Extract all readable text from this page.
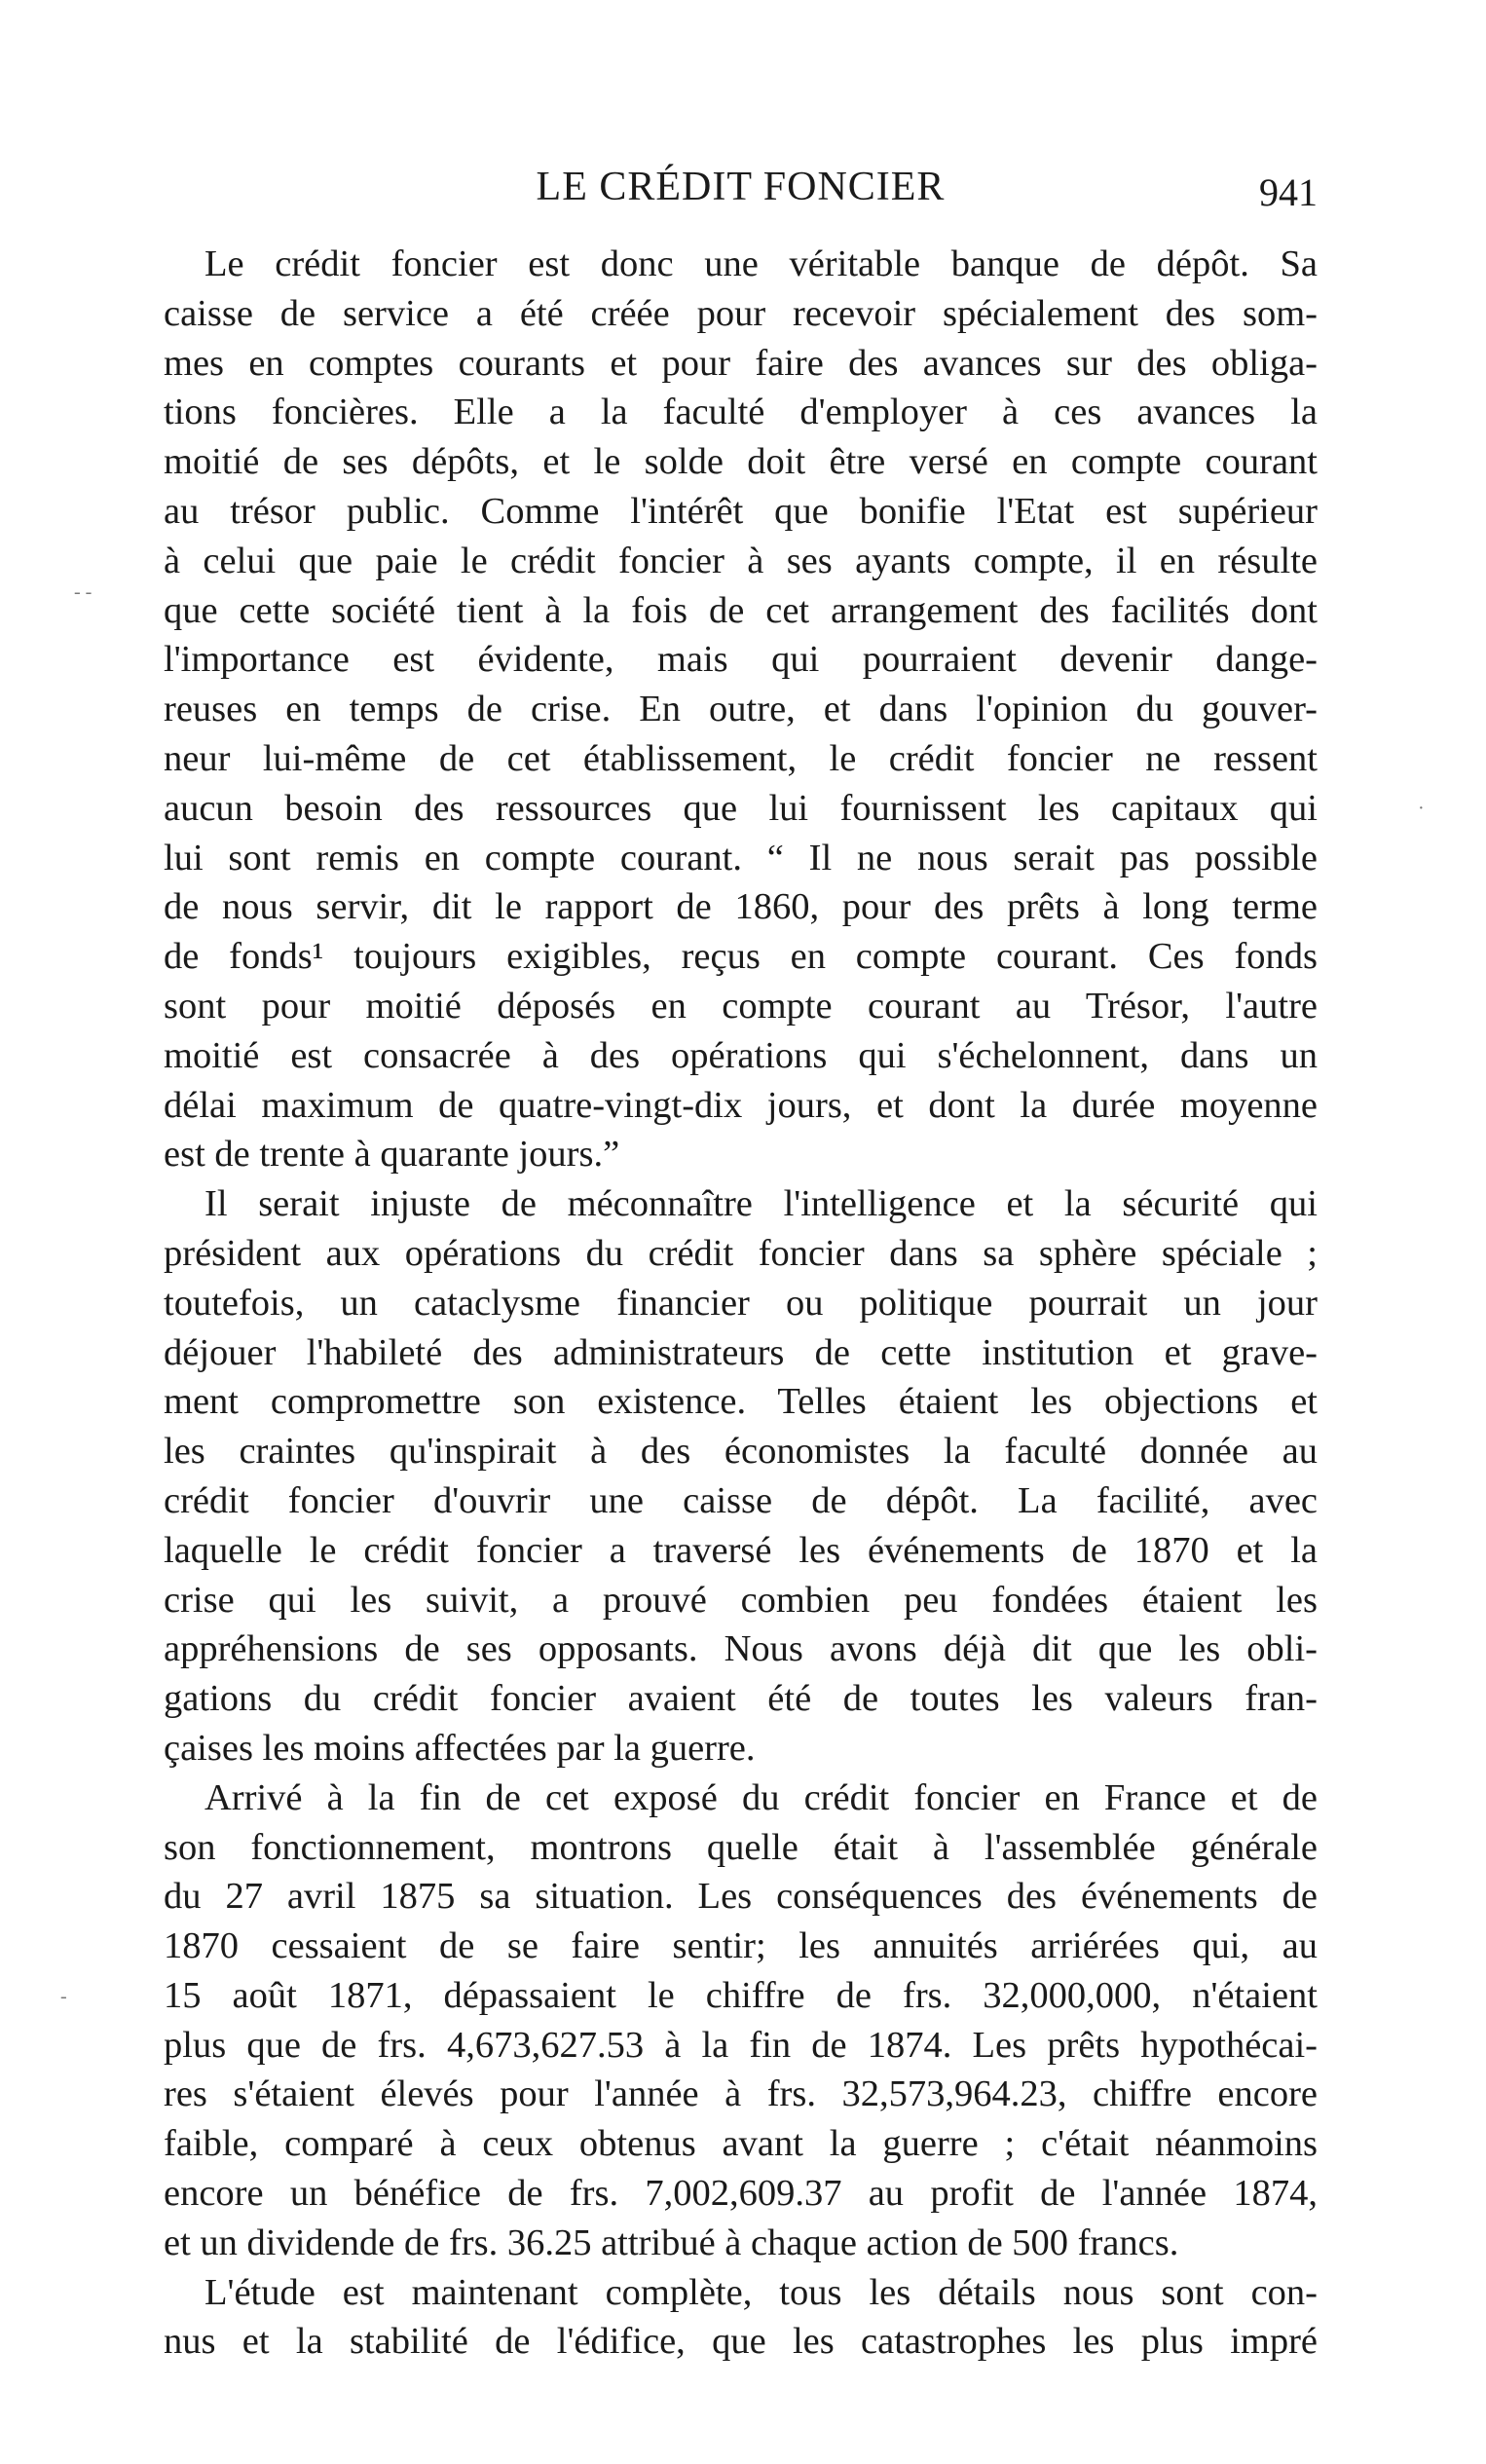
LE CRÉDIT FONCIER	941
‐ ‐
·
‐
Le crédit foncier est donc une véritable banque de dépôt. Sa
caisse de service a été créée pour recevoir spécialement des som-
mes en comptes courants et pour faire des avances sur des obliga-
tions foncières. Elle a la faculté d'employer à ces avances la
moitié de ses dépôts, et le solde doit être versé en compte courant
au trésor public. Comme l'intérêt que bonifie l'Etat est supérieur
à celui que paie le crédit foncier à ses ayants compte, il en résulte
que cette société tient à la fois de cet arrangement des facilités dont
l'importance est évidente, mais qui pourraient devenir dange-
reuses en temps de crise. En outre, et dans l'opinion du gouver-
neur lui-même de cet établissement, le crédit foncier ne ressent
aucun besoin des ressources que lui fournissent les capitaux qui
lui sont remis en compte courant. “ Il ne nous serait pas possible
de nous servir, dit le rapport de 1860, pour des prêts à long terme
de fonds¹ toujours exigibles, reçus en compte courant. Ces fonds
sont pour moitié déposés en compte courant au Trésor, l'autre
moitié est consacrée à des opérations qui s'échelonnent, dans un
délai maximum de quatre-vingt-dix jours, et dont la durée moyenne
est de trente à quarante jours.”
Il serait injuste de méconnaître l'intelligence et la sécurité qui
président aux opérations du crédit foncier dans sa sphère spéciale ;
toutefois, un cataclysme financier ou politique pourrait un jour
déjouer l'habileté des administrateurs de cette institution et grave-
ment compromettre son existence. Telles étaient les objections et
les craintes qu'inspirait à des économistes la faculté donnée au
crédit foncier d'ouvrir une caisse de dépôt. La facilité, avec
laquelle le crédit foncier a traversé les événements de 1870 et la
crise qui les suivit, a prouvé combien peu fondées étaient les
appréhensions de ses opposants. Nous avons déjà dit que les obli-
gations du crédit foncier avaient été de toutes les valeurs fran-
çaises les moins affectées par la guerre.
Arrivé à la fin de cet exposé du crédit foncier en France et de
son fonctionnement, montrons quelle était à l'assemblée générale
du 27 avril 1875 sa situation. Les conséquences des événements de
1870 cessaient de se faire sentir; les annuités arriérées qui, au
15 août 1871, dépassaient le chiffre de frs. 32,000,000, n'étaient
plus que de frs. 4,673,627.53 à la fin de 1874. Les prêts hypothécai-
res s'étaient élevés pour l'année à frs. 32,573,964.23, chiffre encore
faible, comparé à ceux obtenus avant la guerre ; c'était néanmoins
encore un bénéfice de frs. 7,002,609.37 au profit de l'année 1874,
et un dividende de frs. 36.25 attribué à chaque action de 500 francs.
L'étude est maintenant complète, tous les détails nous sont con-
nus et la stabilité de l'édifice, que les catastrophes les plus impré
